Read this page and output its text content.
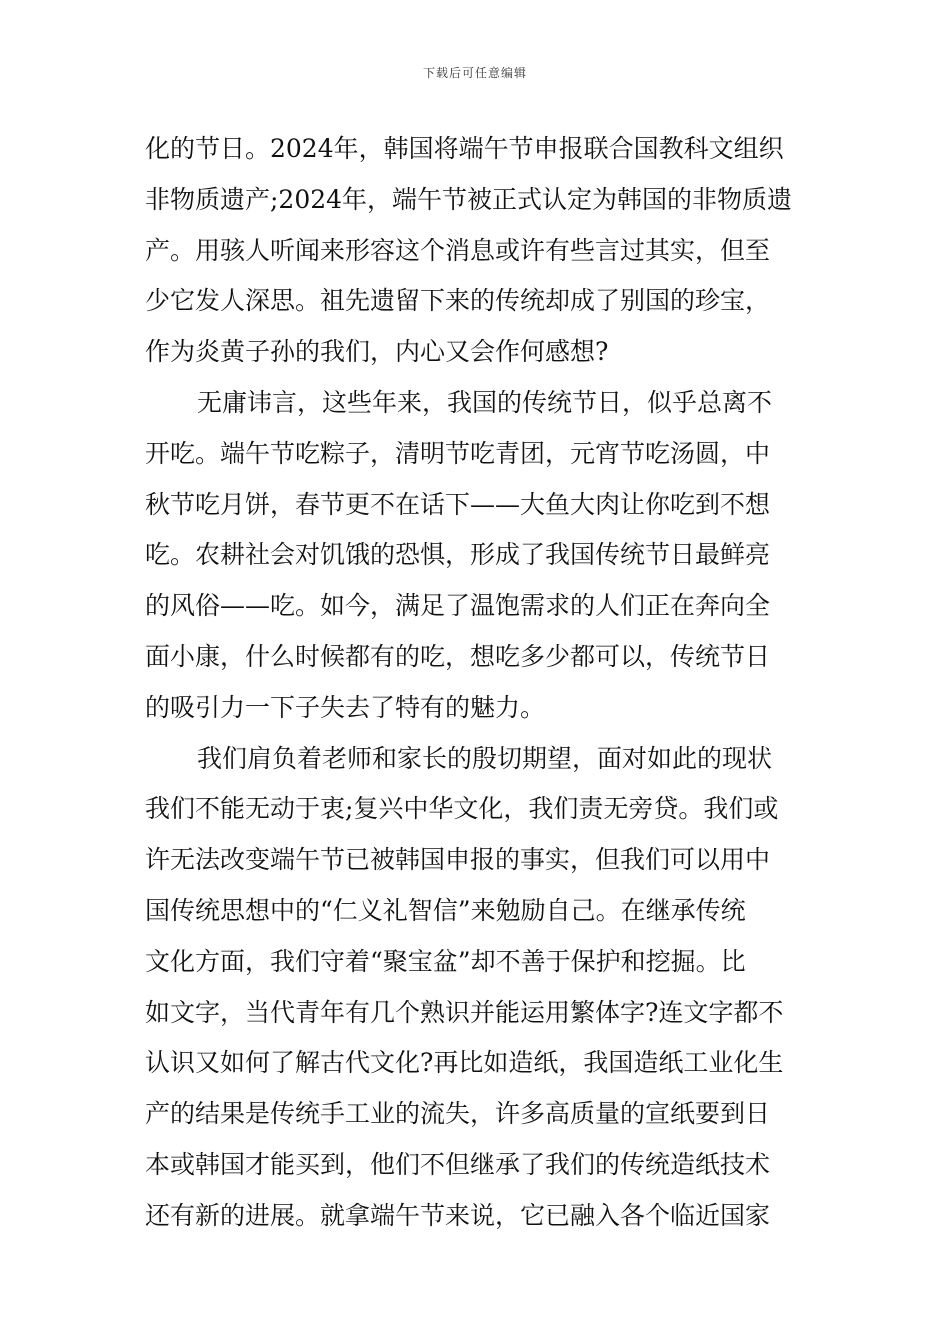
下载后可任意编辑
化的节日。2024年，韩国将端午节申报联合国教科文组织
非物质遗产;2024年，端午节被正式认定为韩国的非物质遗
产。用骇人听闻来形容这个消息或许有些言过其实，但至
少它发人深思。祖先遗留下来的传统却成了别国的珍宝，
作为炎黄子孙的我们，内心又会作何感想?
无庸讳言，这些年来，我国的传统节日，似乎总离不
开吃。端午节吃粽子，清明节吃青团，元宵节吃汤圆，中
秋节吃月饼，春节更不在话下——大鱼大肉让你吃到不想
吃。农耕社会对饥饿的恐惧，形成了我国传统节日最鲜亮
的风俗——吃。如今，满足了温饱需求的人们正在奔向全
面小康，什么时候都有的吃，想吃多少都可以，传统节日
的吸引力一下子失去了特有的魅力。
我们肩负着老师和家长的殷切期望，面对如此的现状
我们不能无动于衷;复兴中华文化，我们责无旁贷。我们或
许无法改变端午节已被韩国申报的事实，但我们可以用中
国传统思想中的“仁义礼智信”来勉励自己。在继承传统
文化方面，我们守着“聚宝盆”却不善于保护和挖掘。比
如文字，当代青年有几个熟识并能运用繁体字?连文字都不
认识又如何了解古代文化?再比如造纸，我国造纸工业化生
产的结果是传统手工业的流失，许多高质量的宣纸要到日
本或韩国才能买到，他们不但继承了我们的传统造纸技术
还有新的进展。就拿端午节来说，它已融入各个临近国家
